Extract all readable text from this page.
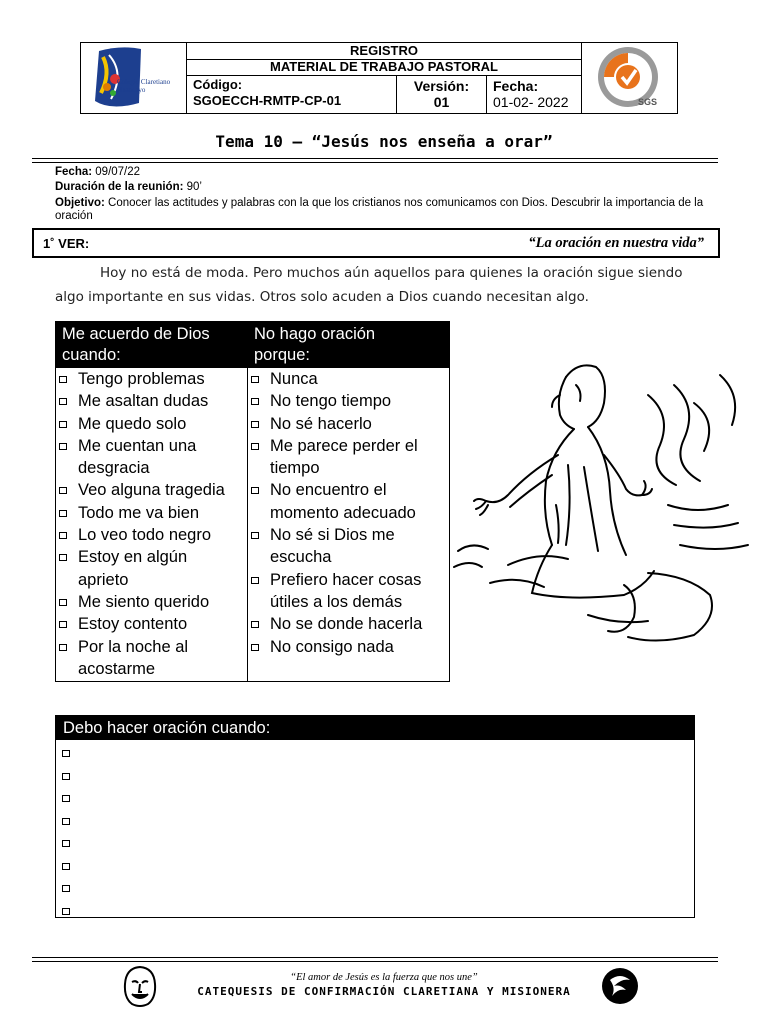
Colegio Claretiano Huancayo
REGISTRO
MATERIAL DE TRABAJO PASTORAL
Código:
SGOECCH-RMTP-CP-01
Versión:
01
Fecha:
01-02- 2022	SGS
Tema 10 – “Jesús nos enseña a orar”
Fecha: 09/07/22
Duración de la reunión: 90’
Objetivo: Conocer las actitudes y palabras con la que los cristianos nos comunicamos con Dios. Descubrir la importancia de la oración
1˚ VER:	“La oración en nuestra vida”
Hoy no está de moda. Pero muchos aún aquellos para quienes la oración sigue siendo
algo importante en sus vidas. Otros solo acuden a Dios cuando necesitan algo.
Me acuerdo de Dios
cuando:
No hago oración
porque:
Tengo problemas
Me asaltan dudas
Me quedo solo
Me cuentan una
desgracia
Veo alguna tragedia
Todo me va bien
Lo veo todo negro
Estoy en algún
aprieto
Me siento querido
Estoy contento
Por la noche al
acostarme
Nunca
No tengo tiempo
No sé hacerlo
Me parece perder el
tiempo
No encuentro el
momento adecuado
No sé si Dios me
escucha
Prefiero hacer cosas
útiles a los demás
No se donde hacerla
No consigo nada
Debo hacer oración cuando:
“El amor de Jesús es la fuerza que nos une”
CATEQUESIS DE CONFIRMACIÓN CLARETIANA Y MISIONERA
